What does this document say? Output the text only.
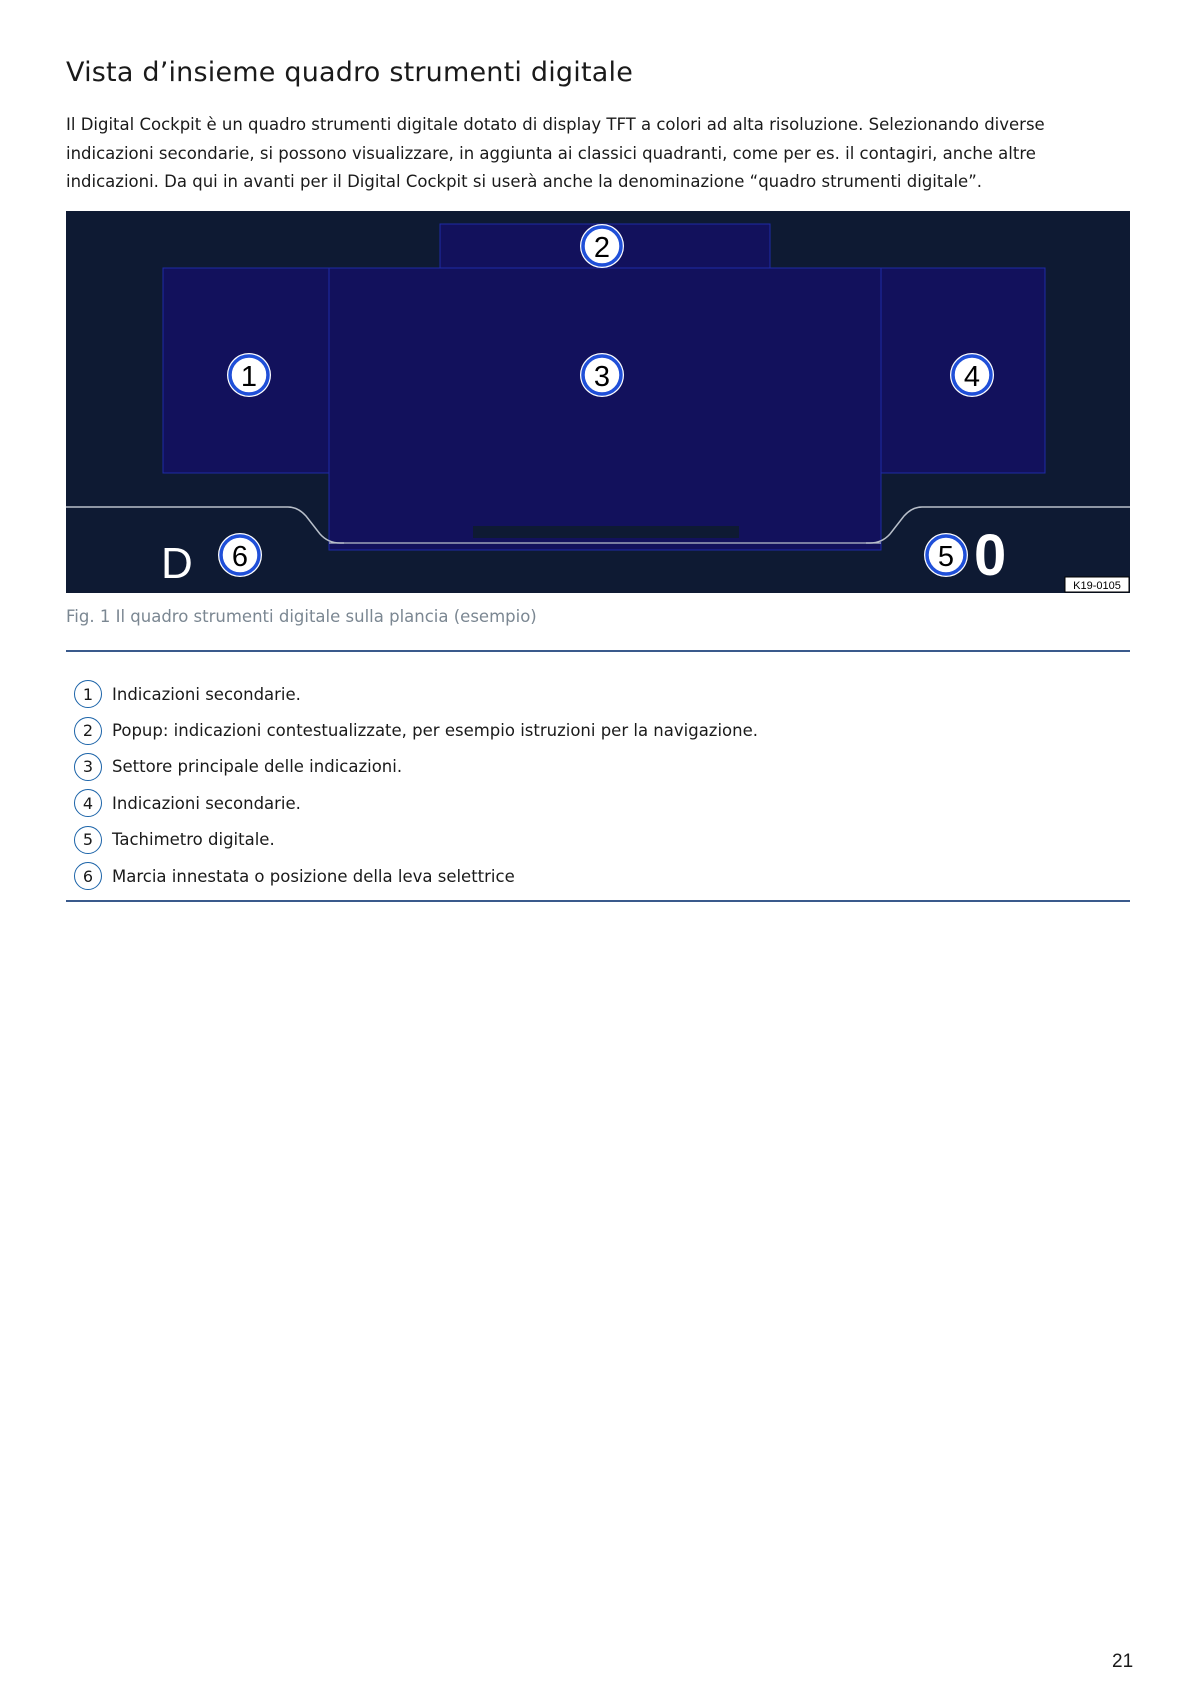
Vista d’insieme quadro strumenti digitale

Il Digital Cockpit è un quadro strumenti digitale dotato di display TFT a colori ad alta risoluzione. Selezionando diverse indicazioni secondarie, si possono visualizzare, in aggiunta ai classici quadranti, come per es. il contagiri, anche altre indicazioni. Da qui in avanti per il Digital Cockpit si userà anche la denominazione “quadro strumenti digitale”.

D	0
2
1	3	4
6	5
K19-0105

Fig. 1 Il quadro strumenti digitale sulla plancia (esempio)

1	Indicazioni secondarie.
2	Popup: indicazioni contestualizzate, per esempio istruzioni per la navigazione.
3	Settore principale delle indicazioni.
4	Indicazioni secondarie.
5	Tachimetro digitale.
6	Marcia innestata o posizione della leva selettrice

21
